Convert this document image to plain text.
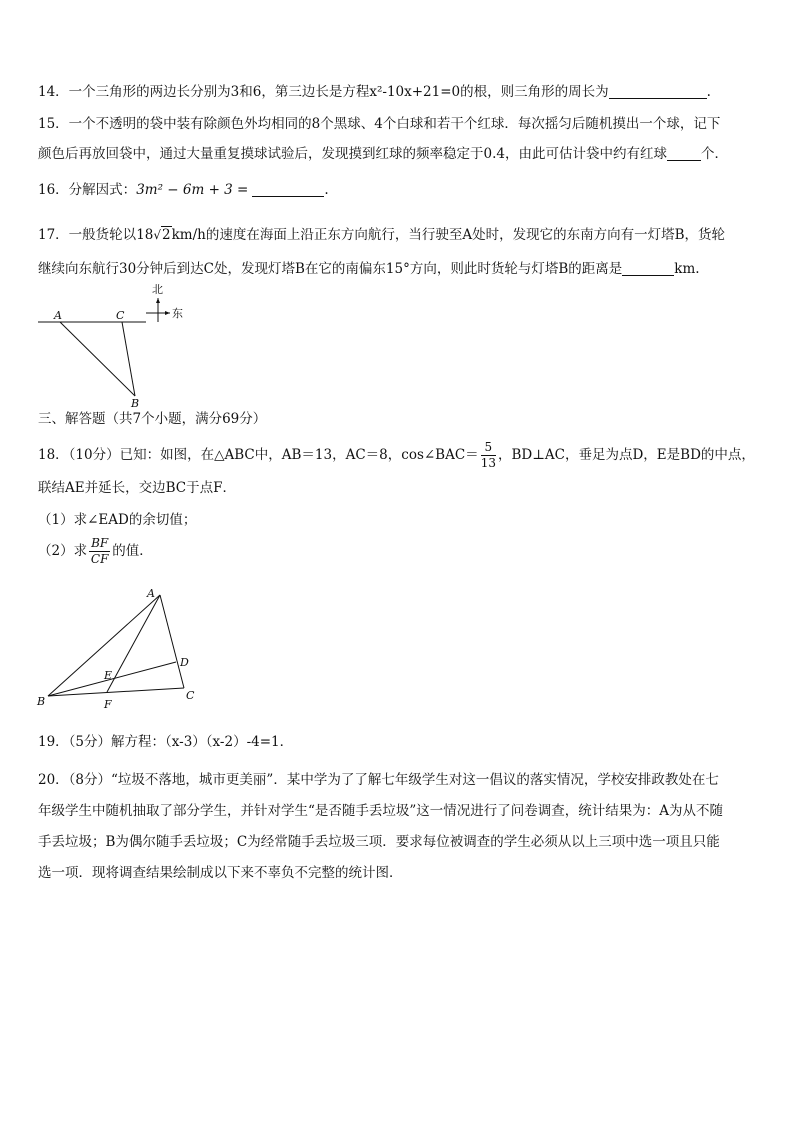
14．一个三角形的两边长分别为3和6，第三边长是方程x²-10x+21=0的根，则三角形的周长为	.
15．一个不透明的袋中装有除颜色外均相同的8个黑球、4个白球和若干个红球．每次摇匀后随机摸出一个球，记下
颜色后再放回袋中，通过大量重复摸球试验后，发现摸到红球的频率稳定于0.4，由此可估计袋中约有红球	个．
16．分解因式：3m² − 6m + 3 =	.
17．一般货轮以18√2km/h的速度在海面上沿正东方向航行，当行驶至A处时，发现它的东南方向有一灯塔B，货轮
继续向东航行30分钟后到达C处，发现灯塔B在它的南偏东15°方向，则此时货轮与灯塔B的距离是	km.
A	C
B
北
东
三、解答题（共7个小题，满分69分）
18．（10分）已知：如图，在△ABC中，AB＝13，AC＝8，cos∠BAC＝ $\frac{5}{13}$ ，BD⊥AC，垂足为点D，E是BD的中点，
联结AE并延长，交边BC于点F．
（1）求∠EAD的余切值；
（2）求 $\frac{BF}{CF}$ 的值．
A
B	C
D
E
F
19．（5分）解方程：（x-3）（x-2）-4=1．
20．（8分）“垃圾不落地，城市更美丽”．某中学为了了解七年级学生对这一倡议的落实情况，学校安排政教处在七
年级学生中随机抽取了部分学生，并针对学生“是否随手丢垃圾”这一情况进行了问卷调查，统计结果为：A为从不随
手丢垃圾；B为偶尔随手丢垃圾；C为经常随手丢垃圾三项．要求每位被调查的学生必须从以上三项中选一项且只能
选一项．现将调查结果绘制成以下来不辜负不完整的统计图．
